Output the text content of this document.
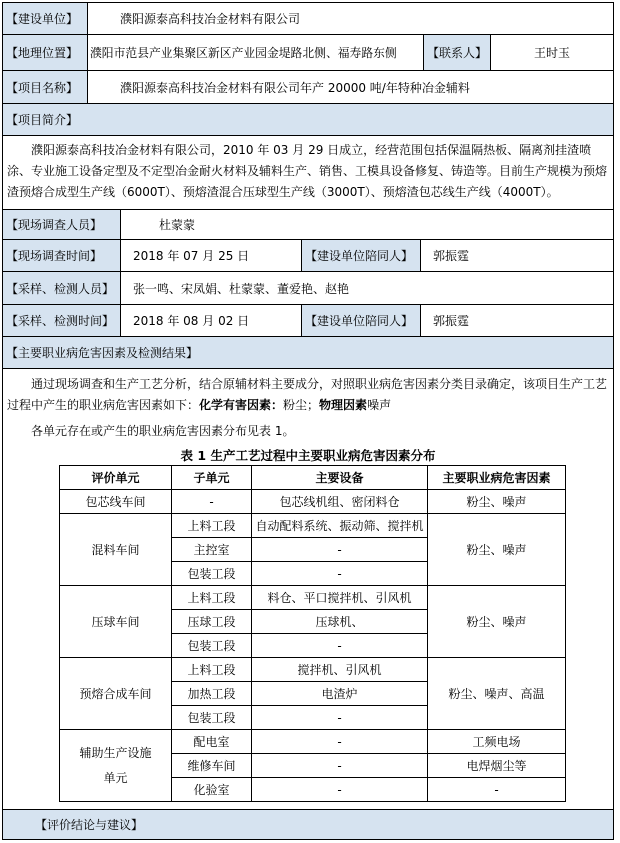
【建设单位】	濮阳源泰高科技冶金材料有限公司
【地理位置】	濮阳市范县产业集聚区新区产业园金堤路北侧、福寿路东侧	【联系人】	王时玉
【项目名称】	濮阳源泰高科技冶金材料有限公司年产 20000 吨/年特种冶金辅料
【项目简介】
濮阳源泰高科技冶金材料有限公司，2010 年 03 月 29 日成立，经营范围包括保温隔热板、隔离剂挂渣喷涂、专业施工设备定型及不定型冶金耐火材料及辅料生产、销售、工模具设备修复、铸造等。目前生产规模为预熔渣预熔合成型生产线（6000T）、预熔渣混合压球型生产线（3000T）、预熔渣包芯线生产线（4000T）。
【现场调查人员】	杜蒙蒙
【现场调查时间】	2018 年 07 月 25 日	【建设单位陪同人】	郭振霆
【采样、检测人员】	张一鸣、宋凤娟、杜蒙蒙、董爱艳、赵艳
【采样、检测时间】	2018 年 08 月 02 日	【建设单位陪同人】	郭振霆
【主要职业病危害因素及检测结果】
通过现场调查和生产工艺分析，结合原辅材料主要成分，对照职业病危害因素分类目录确定，该项目生产工艺过程中产生的职业病危害因素如下：化学有害因素：粉尘；物理因素噪声
各单元存在或产生的职业病危害因素分布见表 1。
表 1 生产工艺过程中主要职业病危害因素分布
评价单元	子单元	主要设备	主要职业病危害因素
包芯线车间	-	包芯线机组、密闭料仓	粉尘、噪声
混料车间	上料工段	自动配料系统、振动筛、搅拌机	粉尘、噪声
	主控室	-	
	包装工段	-	
压球车间	上料工段	料仓、平口搅拌机、引风机	粉尘、噪声
	压球工段	压球机、	
	包装工段	-	
预熔合成车间	上料工段	搅拌机、引风机	粉尘、噪声、高温
	加热工段	电渣炉	
	包装工段	-	
辅助生产设施单元	配电室	-	工频电场
	维修车间	-	电焊烟尘等
	化验室	-	-
【评价结论与建议】
